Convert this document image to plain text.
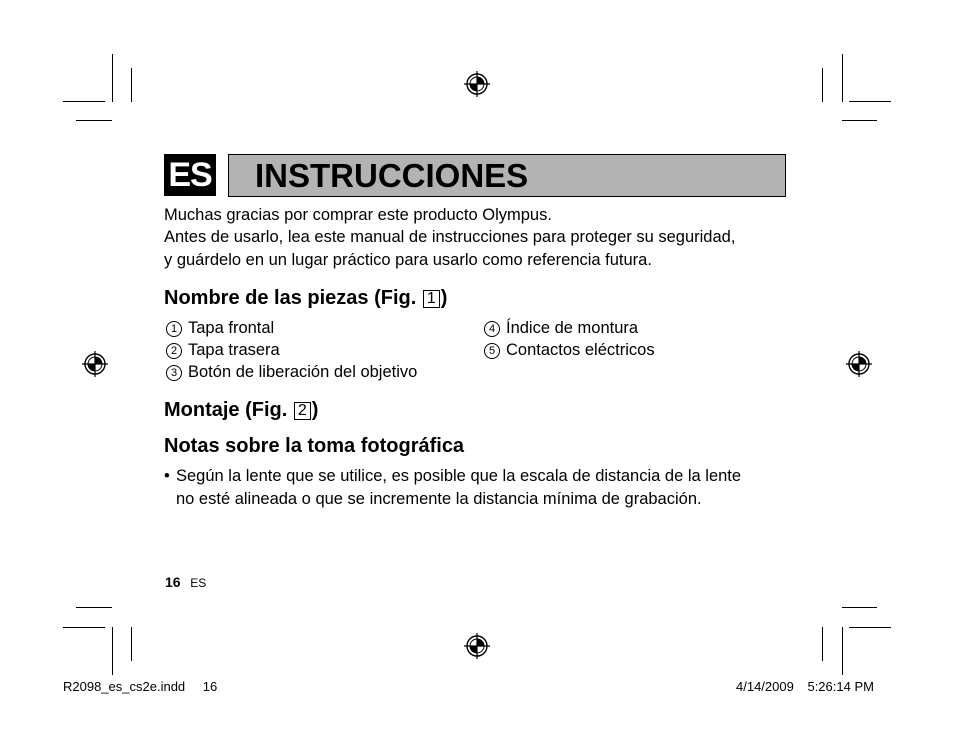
ES INSTRUCCIONES
Muchas gracias por comprar este producto Olympus.
Antes de usarlo, lea este manual de instrucciones para proteger su seguridad,
y guárdelo en un lugar práctico para usarlo como referencia futura.
Nombre de las piezas (Fig. 1 )
1 Tapa frontal
2 Tapa trasera
3 Botón de liberación del objetivo
4 Índice de montura
5 Contactos eléctricos
Montaje (Fig. 2 )
Notas sobre la toma fotográfica
• Según la lente que se utilice, es posible que la escala de distancia de la lente
no esté alineada o que se incremente la distancia mínima de grabación.
16 ES
R2098_es_cs2e.indd 16	4/14/2009 5:26:14 PM
